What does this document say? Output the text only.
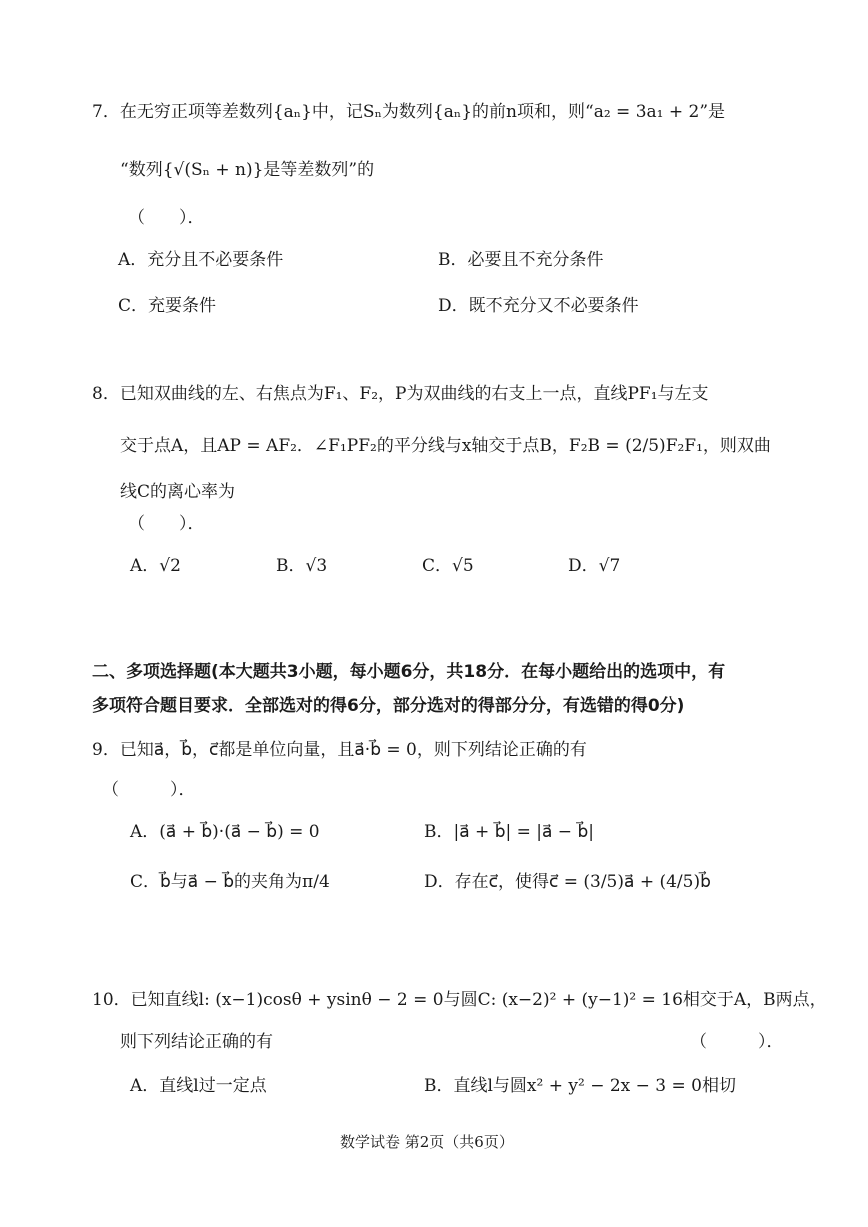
7．在无穷正项等差数列{aₙ}中，记Sₙ为数列{aₙ}的前n项和，则“a₂ = 3a₁ + 2”是
“数列{√(Sₙ + n)}是等差数列”的
（　　）．
A．充分且不必要条件	B．必要且不充分条件
C．充要条件	D．既不充分又不必要条件
8．已知双曲线的左、右焦点为F₁、F₂，P为双曲线的右支上一点，直线PF₁与左支
交于点A，且AP = AF₂．∠F₁PF₂的平分线与x轴交于点B，F₂B = (2/5)F₂F₁，则双曲
线C的离心率为
（　　）．
A．√2	B．√3	C．√5	D．√7
二、多项选择题(本大题共3小题，每小题6分，共18分．在每小题给出的选项中，有
多项符合题目要求．全部选对的得6分，部分选对的得部分分，有选错的得0分)
9．已知a⃗，b⃗，c⃗都是单位向量，且a⃗·b⃗ = 0，则下列结论正确的有
（　　　）．
A．(a⃗ + b⃗)·(a⃗ − b⃗) = 0	B．|a⃗ + b⃗| = |a⃗ − b⃗|
C．b⃗与a⃗ − b⃗的夹角为π/4	D．存在c⃗，使得c⃗ = (3/5)a⃗ + (4/5)b⃗
10．已知直线l: (x−1)cosθ + ysinθ − 2 = 0与圆C: (x−2)² + (y−1)² = 16相交于A，B两点，
则下列结论正确的有	（　　　）．
A．直线l过一定点	B．直线l与圆x² + y² − 2x − 3 = 0相切
数学试卷 第2页（共6页）
